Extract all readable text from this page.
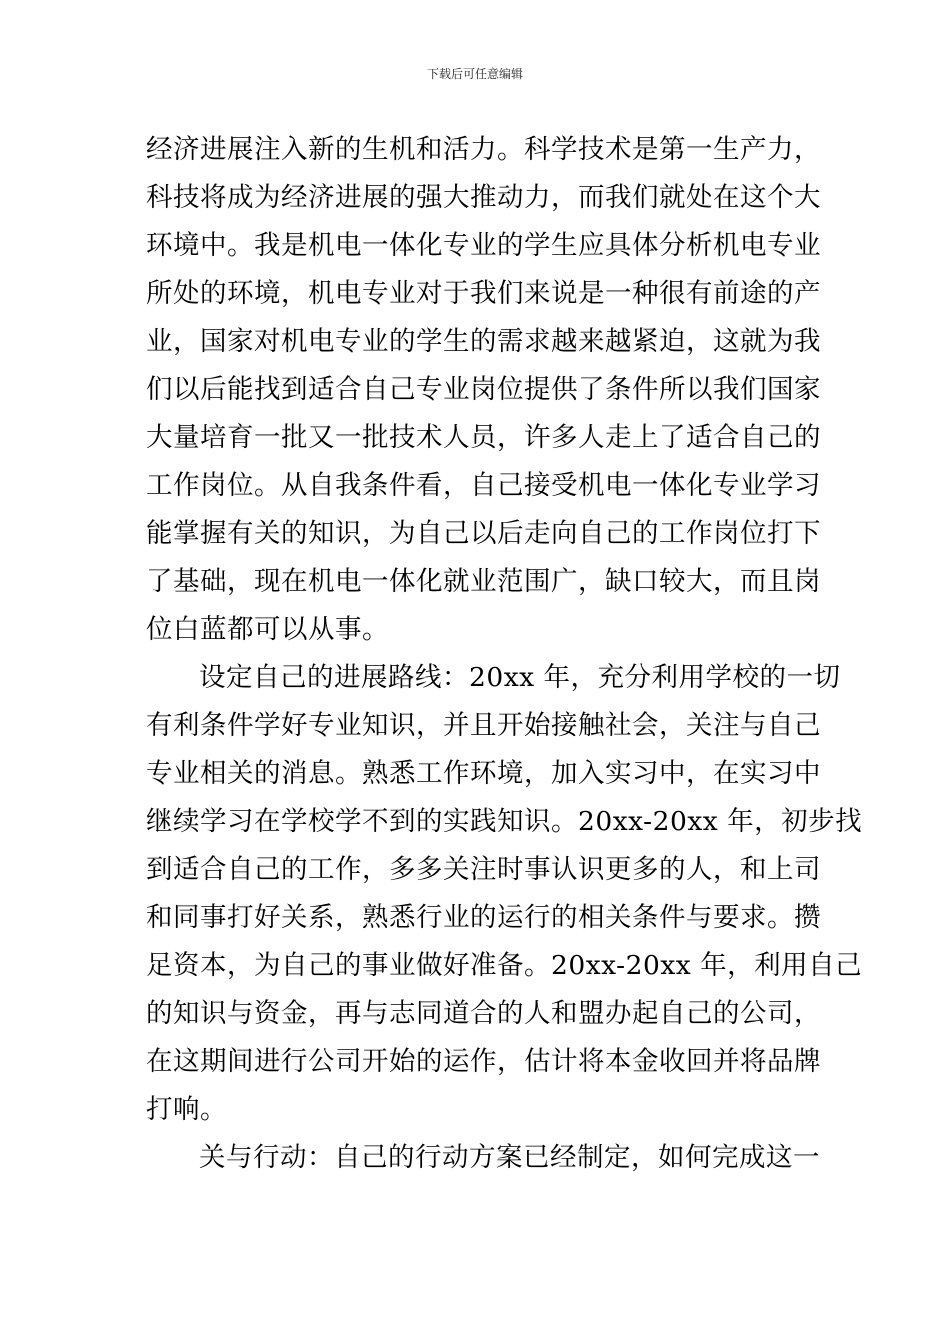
下载后可任意编辑
经济进展注入新的生机和活力。科学技术是第一生产力，
科技将成为经济进展的强大推动力，而我们就处在这个大
环境中。我是机电一体化专业的学生应具体分析机电专业
所处的环境，机电专业对于我们来说是一种很有前途的产
业，国家对机电专业的学生的需求越来越紧迫，这就为我
们以后能找到适合自己专业岗位提供了条件所以我们国家
大量培育一批又一批技术人员，许多人走上了适合自己的
工作岗位。从自我条件看，自己接受机电一体化专业学习
能掌握有关的知识，为自己以后走向自己的工作岗位打下
了基础，现在机电一体化就业范围广，缺口较大，而且岗
位白蓝都可以从事。
设定自己的进展路线：20xx 年，充分利用学校的一切
有利条件学好专业知识，并且开始接触社会，关注与自己
专业相关的消息。熟悉工作环境，加入实习中，在实习中
继续学习在学校学不到的实践知识。20xx-20xx 年，初步找
到适合自己的工作，多多关注时事认识更多的人，和上司
和同事打好关系，熟悉行业的运行的相关条件与要求。攒
足资本，为自己的事业做好准备。20xx-20xx 年，利用自己
的知识与资金，再与志同道合的人和盟办起自己的公司，
在这期间进行公司开始的运作，估计将本金收回并将品牌
打响。
关与行动：自己的行动方案已经制定，如何完成这一
